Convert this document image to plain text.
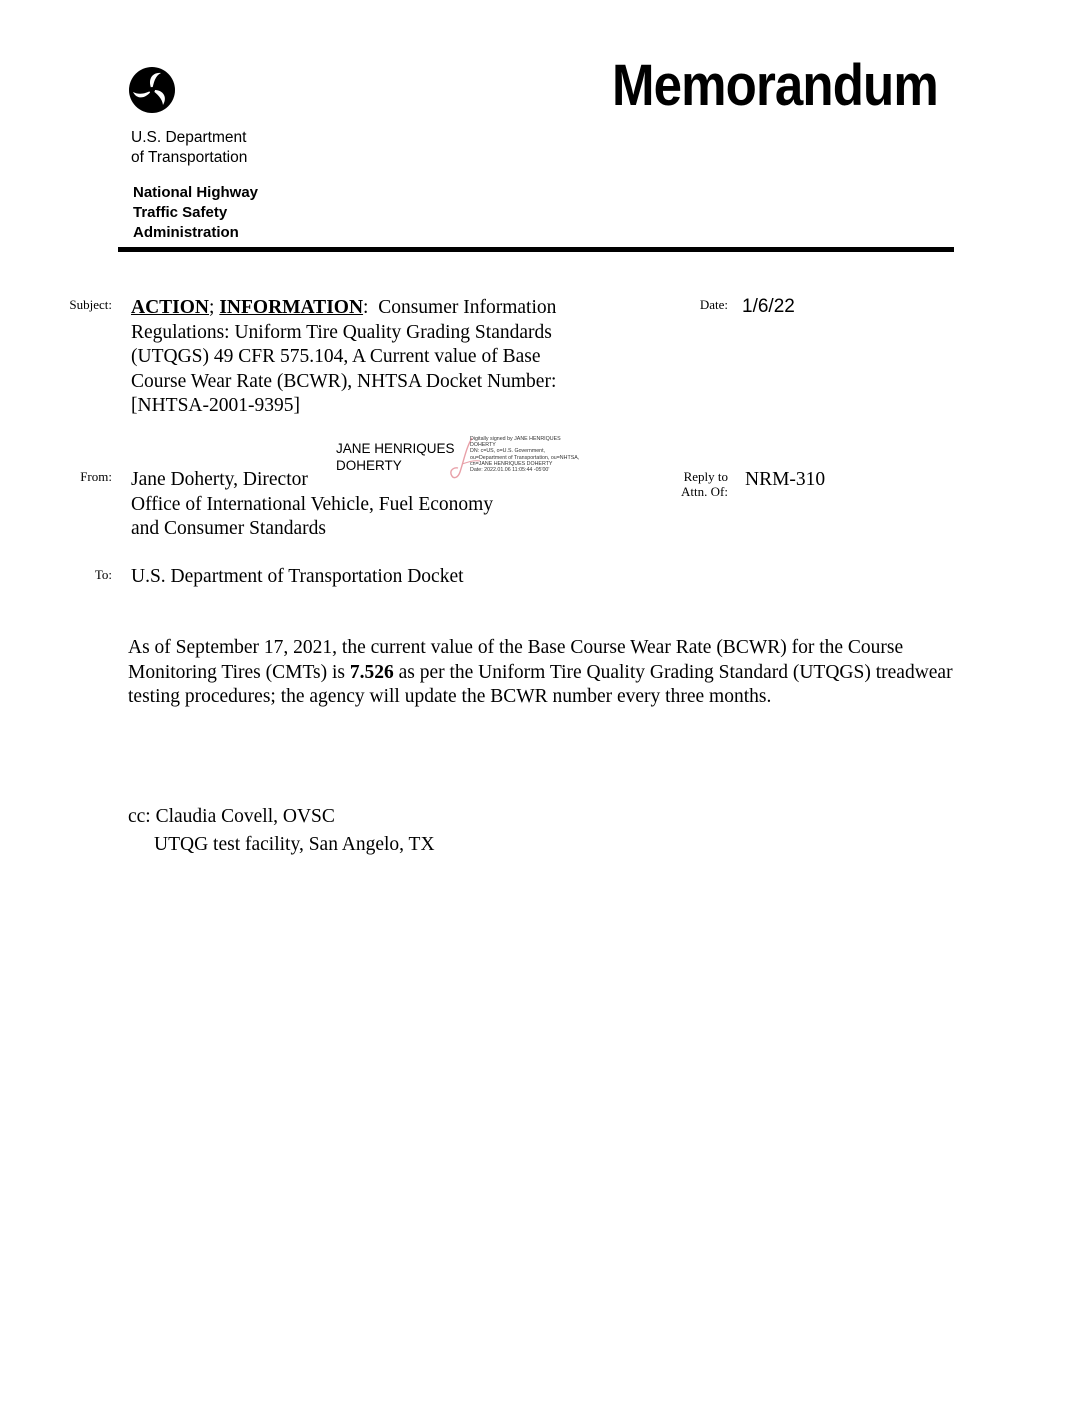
U.S. Department
of Transportation
National Highway
Traffic Safety
Administration
Memorandum
Subject: ACTION; INFORMATION: Consumer Information
Regulations: Uniform Tire Quality Grading Standards
(UTQGS) 49 CFR 575.104, A Current value of Base
Course Wear Rate (BCWR), NHTSA Docket Number:
[NHTSA-2001-9395]
Date: 1/6/22
JANE HENRIQUES
DOHERTY
Digitally signed by JANE HENRIQUES
DOHERTY
DN: c=US, o=U.S. Government,
ou=Department of Transportation, ou=NHTSA,
cn=JANE HENRIQUES DOHERTY
Date: 2022.01.06 11:05:44 -05'00'
From: Jane Doherty, Director
Office of International Vehicle, Fuel Economy
and Consumer Standards
Reply to
Attn. Of:
NRM-310
To: U.S. Department of Transportation Docket
As of September 17, 2021, the current value of the Base Course Wear Rate (BCWR) for the Course Monitoring Tires (CMTs) is 7.526 as per the Uniform Tire Quality Grading Standard (UTQGS) treadwear testing procedures; the agency will update the BCWR number every three months.
cc: Claudia Covell, OVSC
UTQG test facility, San Angelo, TX
